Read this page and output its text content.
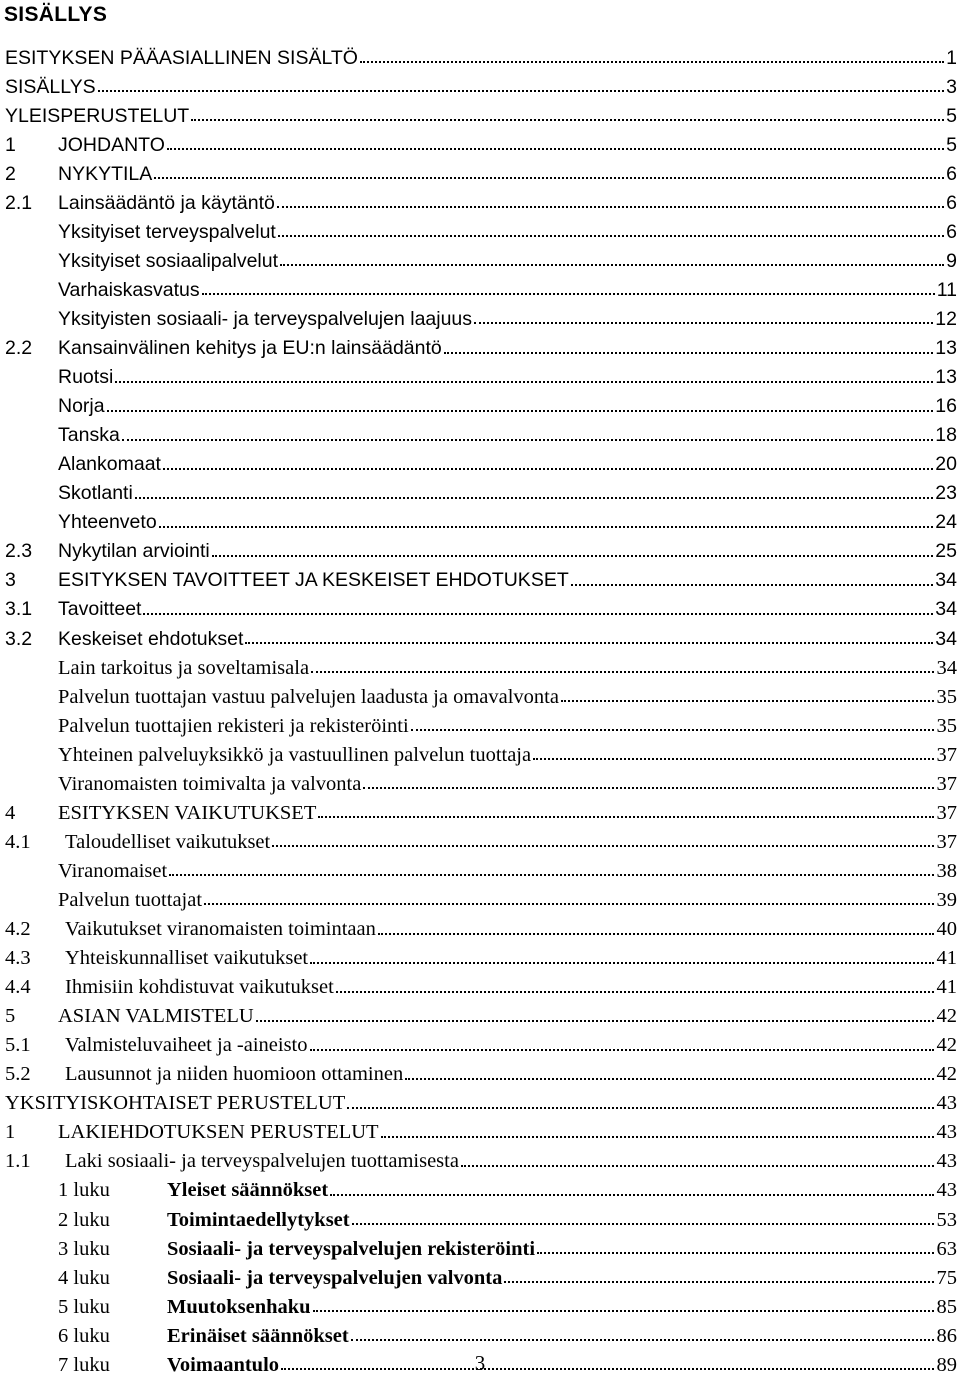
SISÄLLYS
ESITYKSEN PÄÄASIALLINEN SISÄLTÖ	1
SISÄLLYS	3
YLEISPERUSTELUT	5
1 JOHDANTO	5
2 NYKYTILA	6
2.1 Lainsäädäntö ja käytäntö	6
Yksityiset terveyspalvelut	6
Yksityiset sosiaalipalvelut	9
Varhaiskasvatus	11
Yksityisten sosiaali- ja terveyspalvelujen laajuus	12
2.2 Kansainvälinen kehitys ja EU:n lainsäädäntö	13
Ruotsi	13
Norja	16
Tanska	18
Alankomaat	20
Skotlanti	23
Yhteenveto	24
2.3 Nykytilan arviointi	25
3 ESITYKSEN TAVOITTEET JA KESKEISET EHDOTUKSET	34
3.1 Tavoitteet	34
3.2 Keskeiset ehdotukset	34
Lain tarkoitus ja soveltamisala	34
Palvelun tuottajan vastuu palvelujen laadusta ja omavalvonta	35
Palvelun tuottajien rekisteri ja rekisteröinti	35
Yhteinen palveluyksikkö ja vastuullinen palvelun tuottaja	37
Viranomaisten toimivalta ja valvonta	37
4 ESITYKSEN VAIKUTUKSET	37
4.1 Taloudelliset vaikutukset	37
Viranomaiset	38
Palvelun tuottajat	39
4.2 Vaikutukset viranomaisten toimintaan	40
4.3 Yhteiskunnalliset vaikutukset	41
4.4 Ihmisiin kohdistuvat vaikutukset	41
5 ASIAN VALMISTELU	42
5.1 Valmisteluvaiheet ja -aineisto	42
5.2 Lausunnot ja niiden huomioon ottaminen	42
YKSITYISKOHTAISET PERUSTELUT	43
1 LAKIEHDOTUKSEN PERUSTELUT	43
1.1 Laki sosiaali- ja terveyspalvelujen tuottamisesta	43
1 luku	Yleiset säännökset	43
2 luku	Toimintaedellytykset	53
3 luku	Sosiaali- ja terveyspalvelujen rekisteröinti	63
4 luku	Sosiaali- ja terveyspalvelujen valvonta	75
5 luku	Muutoksenhaku	85
6 luku	Erinäiset säännökset	86
7 luku	Voimaantulo	89
3
